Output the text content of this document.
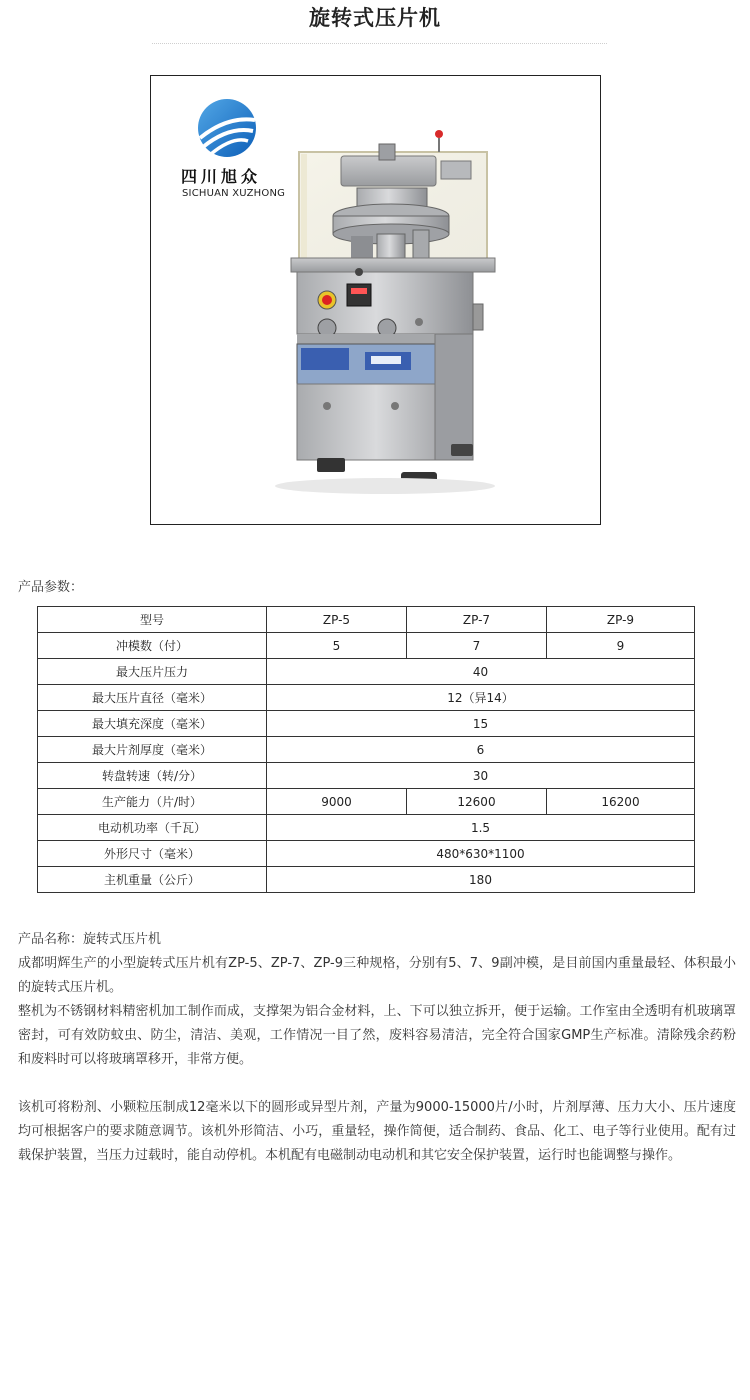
旋转式压片机
四川旭众
SICHUAN XUZHONG
产品参数：
型号	ZP-5	ZP-7	ZP-9
冲模数（付）	5	7	9
最大压片压力	40		
最大压片直径（毫米）	12（异14）		
最大填充深度（毫米）	15		
最大片剂厚度（毫米）	6		
转盘转速（转/分）	30		
生产能力（片/时）	9000	12600	16200
电动机功率（千瓦）	1.5		
外形尺寸（毫米）	480*630*1100		
主机重量（公斤）	180		

产品名称：旋转式压片机

成都明辉生产的小型旋转式压片机有ZP-5、ZP-7、ZP-9三种规格，分别有5、7、9副冲模，是目前国内重量最轻、体积最小的旋转式压片机。

整机为不锈钢材料精密机加工制作而成，支撑架为铝合金材料，上、下可以独立拆开，便于运输。工作室由全透明有机玻璃罩密封，可有效防蚊虫、防尘，清洁、美观，工作情况一目了然，废料容易清洁，完全符合国家GMP生产标准。清除残余药粉和废料时可以将玻璃罩移开，非常方便。

该机可将粉剂、小颗粒压制成12毫米以下的圆形或异型片剂，产量为9000-15000片/小时，片剂厚薄、压力大小、压片速度均可根据客户的要求随意调节。该机外形简洁、小巧，重量轻，操作简便，适合制药、食品、化工、电子等行业使用。配有过载保护装置，当压力过载时，能自动停机。本机配有电磁制动电动机和其它安全保护装置，运行时也能调整与操作。
